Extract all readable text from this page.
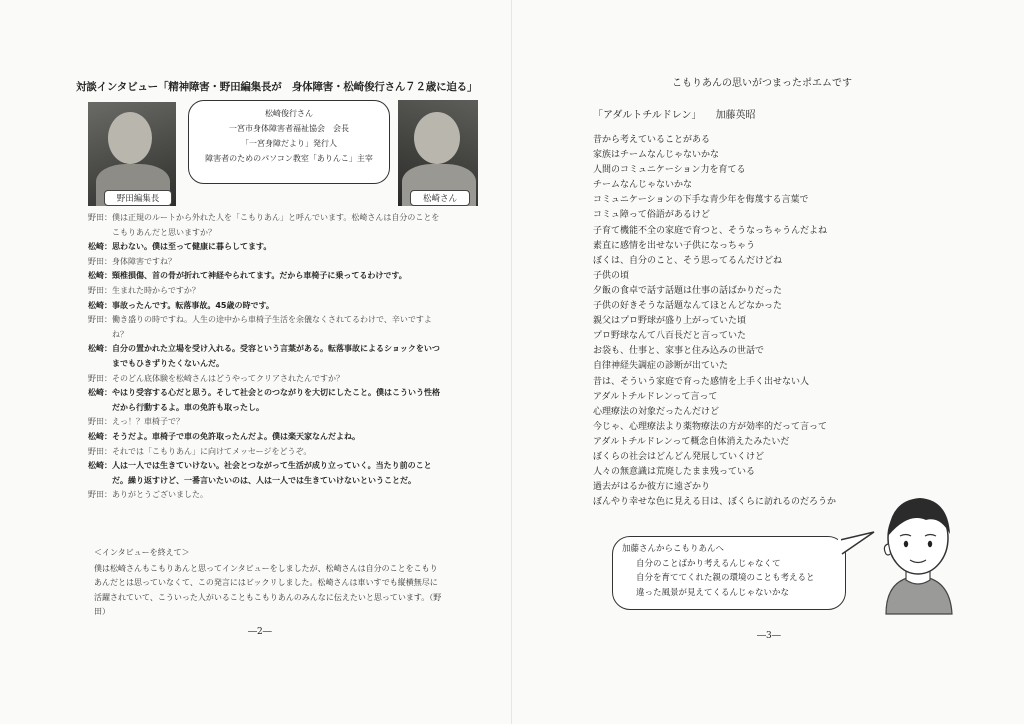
対談インタビュー「精神障害・野田編集長が　身体障害・松崎俊行さん７２歳に迫る」
野田編集長
松崎俊行さん
一宮市身体障害者福祉協会　会長
「一宮身障だより」発行人
障害者のためのパソコン教室「ありんこ」主宰
松崎さん
野田： 僕は正規のルートから外れた人を「こもりあん」と呼んでいます。松崎さんは自分のことをこもりあんだと思いますか？
松崎： 思わない。僕は至って健康に暮らしてます。
野田： 身体障害ですね？
松崎： 頸椎損傷、首の骨が折れて神経やられてます。だから車椅子に乗ってるわけです。
野田： 生まれた時からですか？
松崎： 事故ったんです。転落事故。45歳の時です。
野田： 働き盛りの時ですね。人生の途中から車椅子生活を余儀なくされてるわけで、辛いですよね？
松崎： 自分の置かれた立場を受け入れる。受容という言葉がある。転落事故によるショックをいつまでもひきずりたくないんだ。
野田： そのどん底体験を松崎さんはどうやってクリアされたんですか？
松崎： やはり受容する心だと思う。そして社会とのつながりを大切にしたこと。僕はこういう性格だから行動するよ。車の免許も取ったし。
野田： えっ！？車椅子で？
松崎： そうだよ。車椅子で車の免許取ったんだよ。僕は楽天家なんだよね。
野田： それでは「こもりあん」に向けてメッセージをどうぞ。
松崎： 人は一人では生きていけない。社会とつながって生活が成り立っていく。当たり前のことだ。繰り返すけど、一番言いたいのは、人は一人では生きていけないということだ。
野田： ありがとうございました。
＜インタビューを終えて＞
僕は松崎さんもこもりあんと思ってインタビューをしましたが、松崎さんは自分のことをこもりあんだとは思っていなくて、この発言にはビックリしました。松崎さんは車いすでも縦横無尽に活躍されていて、こういった人がいることもこもりあんのみんなに伝えたいと思っています。（野田）
―2―
こもりあんの思いがつまったポエムです
「アダルトチルドレン」 加藤英昭
昔から考えていることがある
家族はチームなんじゃないかな
人間のコミュニケーション力を育てる
チームなんじゃないかな
コミュニケーションの下手な青少年を侮蔑する言葉で
コミュ障って俗語があるけど
子育て機能不全の家庭で育つと、そうなっちゃうんだよね
素直に感情を出せない子供になっちゃう
ぼくは、自分のこと、そう思ってるんだけどね
子供の頃
夕飯の食卓で話す話題は仕事の話ばかりだった
子供の好きそうな話題なんてほとんどなかった
親父はプロ野球が盛り上がっていた頃
プロ野球なんて八百長だと言っていた
お袋も、仕事と、家事と住み込みの世話で
自律神経失調症の診断が出ていた
昔は、そういう家庭で育った感情を上手く出せない人
アダルトチルドレンって言って
心理療法の対象だったんだけど
今じゃ、心理療法より薬物療法の方が効率的だって言って
アダルトチルドレンって概念自体消えたみたいだ
ぼくらの社会はどんどん発展していくけど
人々の無意識は荒廃したまま残っている
過去がはるか彼方に遠ざかり
ぼんやり幸せな色に見える日は、ぼくらに訪れるのだろうか
加藤さんからこもりあんへ
自分のことばかり考えるんじゃなくて
自分を育ててくれた親の環境のことも考えると
違った風景が見えてくるんじゃないかな
―3―
